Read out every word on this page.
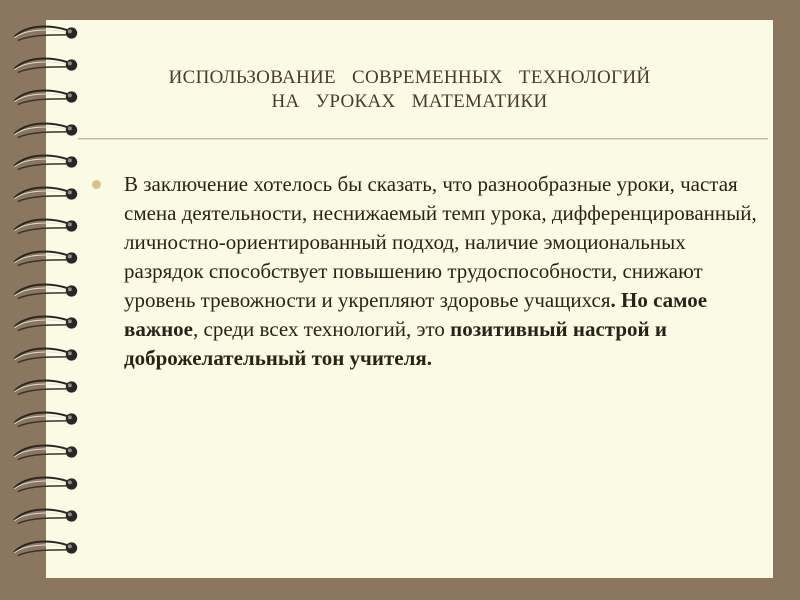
ИСПОЛЬЗОВАНИЕ  СОВРЕМЕННЫХ  ТЕХНОЛОГИЙ
НА  УРОКАХ  МАТЕМАТИКИ
В заключение хотелось бы сказать, что разнообразные уроки, частая смена деятельности, неснижаемый темп урока, дифференцированный, личностно-ориентированный подход, наличие эмоциональных разрядок способствует повышению трудоспособности, снижают уровень тревожности и укрепляют здоровье учащихся. Но самое важное, среди всех технологий, это позитивный настрой и доброжелательный тон учителя.
